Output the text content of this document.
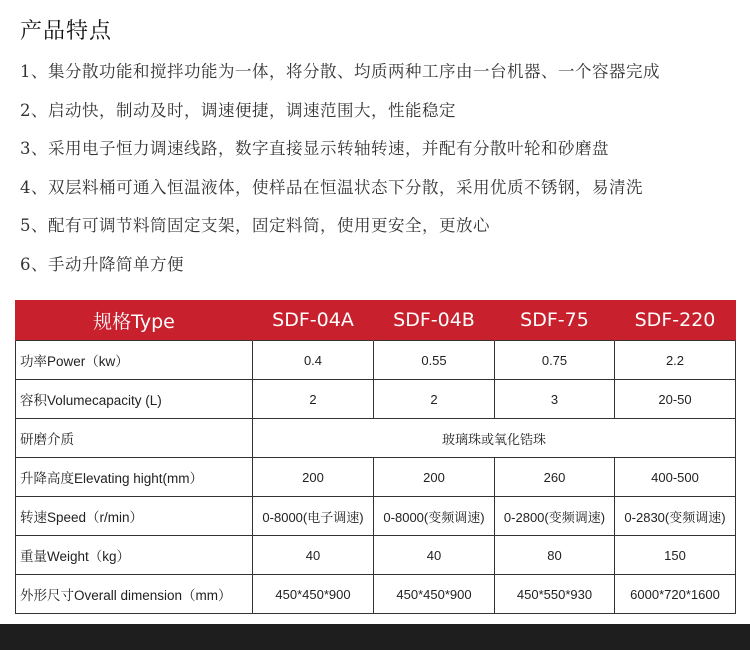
产品特点
1、集分散功能和搅拌功能为一体，将分散、均质两种工序由一台机器、一个容器完成
2、启动快，制动及时，调速便捷，调速范围大，性能稳定
3、采用电子恒力调速线路，数字直接显示转轴转速，并配有分散叶轮和砂磨盘
4、双层料桶可通入恒温液体，使样品在恒温状态下分散，采用优质不锈钢，易清洗
5、配有可调节料筒固定支架，固定料筒，使用更安全，更放心
6、手动升降简单方便
规格Type	SDF-04A	SDF-04B	SDF-75	SDF-220
功率Power（kw）	0.4	0.55	0.75	2.2
容积Volumecapacity (L)	2	2	3	20-50
研磨介质	玻璃珠或氧化锆珠			
升降高度Elevating hight(mm）	200	200	260	400-500
转速Speed（r/min）	0-8000(电子调速)	0-8000(变频调速)	0-2800(变频调速)	0-2830(变频调速)
重量Weight（kg）	40	40	80	150
外形尺寸Overall dimension（mm）	450*450*900	450*450*900	450*550*930	6000*720*1600
